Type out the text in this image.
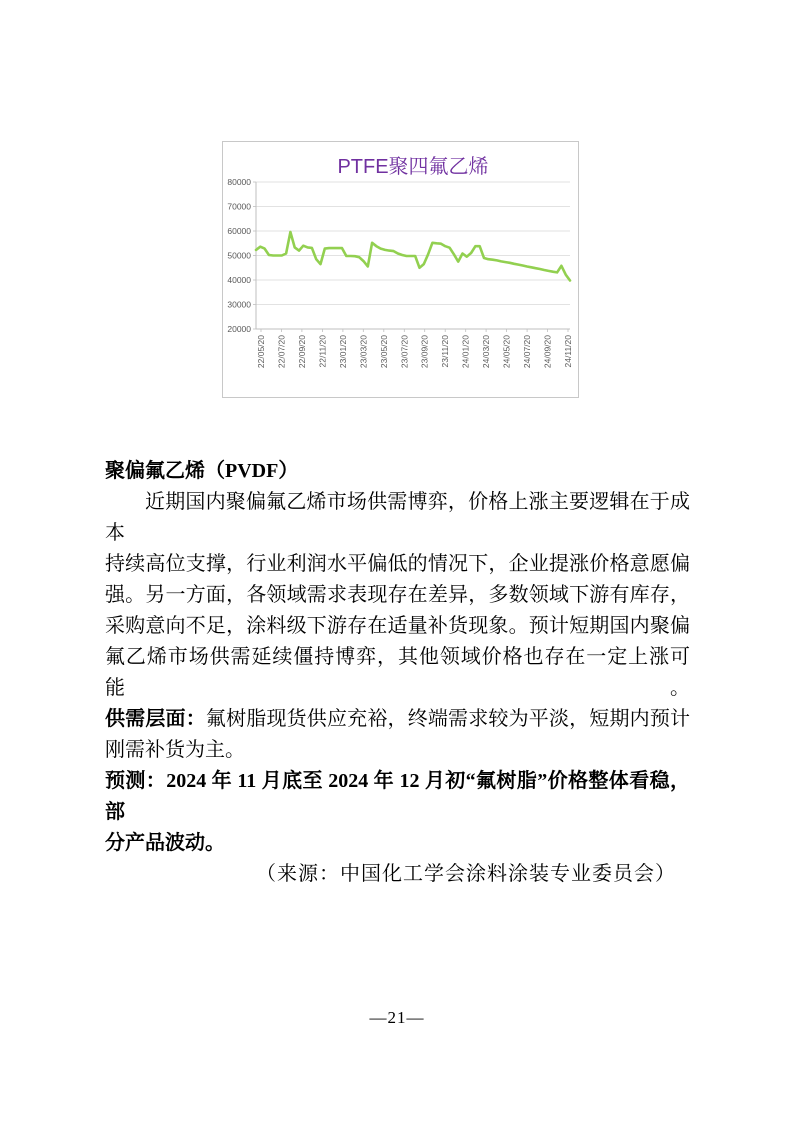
20000
30000
40000
50000
60000
70000
80000
22/05/20 22/07/20 22/09/20 22/11/20 23/01/20 23/03/20 23/05/20 23/07/20 23/09/20 23/11/20 24/01/20 24/03/20 24/05/20 24/07/20 24/09/20 24/11/20
PTFE聚四氟乙烯
聚偏氟乙烯（PVDF）
近期国内聚偏氟乙烯市场供需博弈，价格上涨主要逻辑在于成本
持续高位支撑，行业利润水平偏低的情况下，企业提涨价格意愿偏
强。另一方面，各领域需求表现存在差异，多数领域下游有库存，
采购意向不足，涂料级下游存在适量补货现象。预计短期国内聚偏
氟乙烯市场供需延续僵持博弈，其他领域价格也存在一定上涨可能。
供需层面：氟树脂现货供应充裕，终端需求较为平淡，短期内预计
刚需补货为主。
预测：2024 年 11 月底至 2024 年 12 月初“氟树脂”价格整体看稳，部
分产品波动。
（来源：中国化工学会涂料涂装专业委员会）
—21—
